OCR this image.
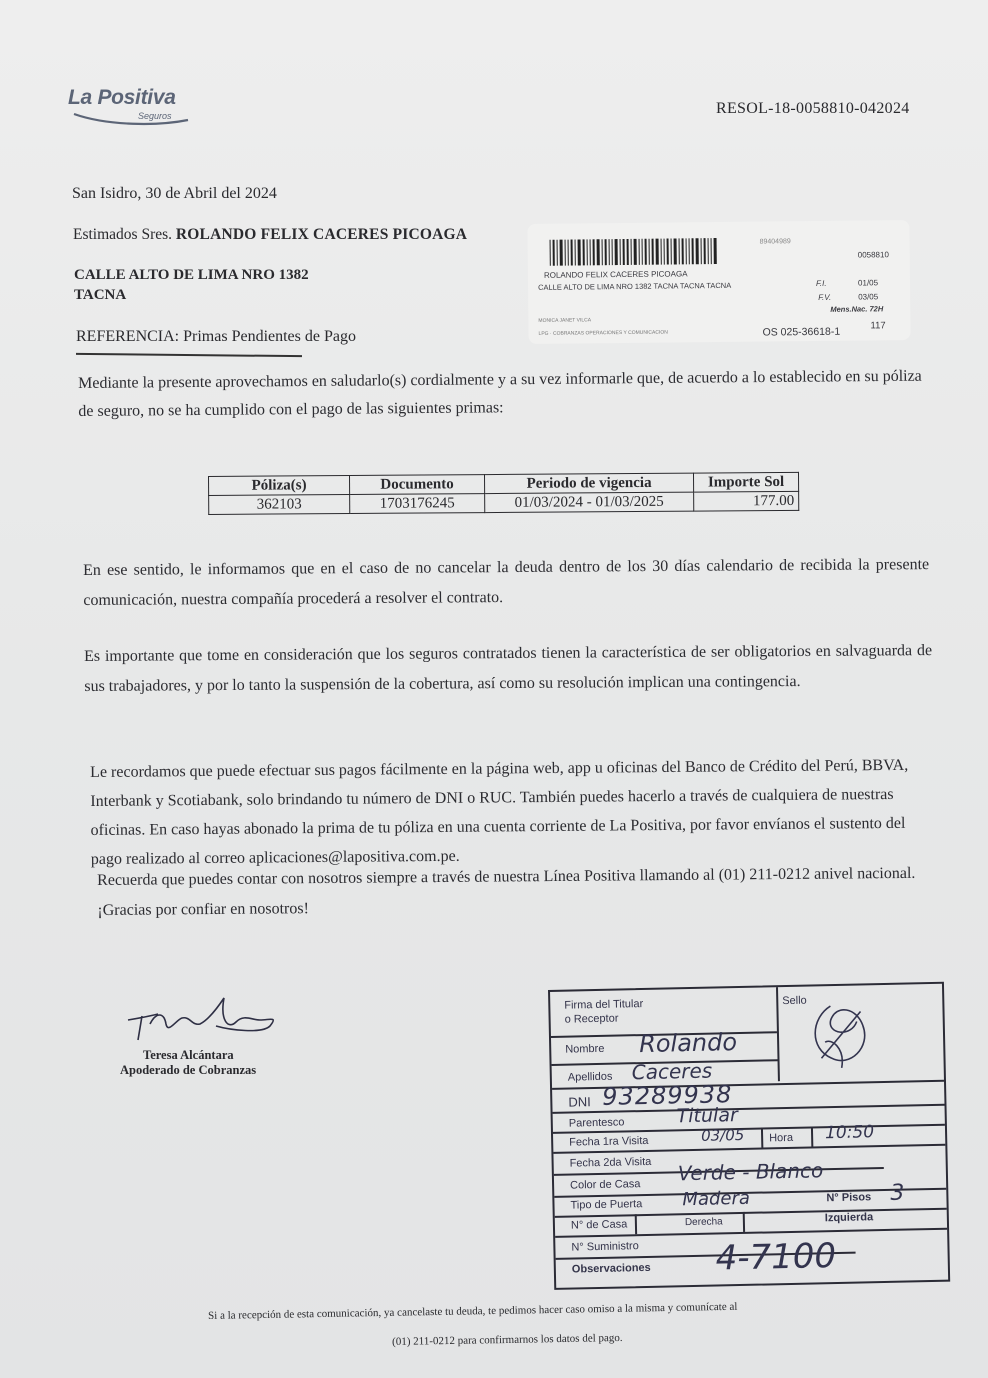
La Positiva
Seguros	RESOL-18-0058810-042024
San Isidro, 30 de Abril del 2024
Estimados Sres. ROLANDO FELIX CACERES PICOAGA
CALLE ALTO DE LIMA NRO 1382
TACNA
REFERENCIA: Primas Pendientes de Pago
89404989
0058810
ROLANDO FELIX CACERES PICOAGA
CALLE ALTO DE LIMA NRO 1382 TACNA TACNA TACNA	F.I.	01/05
F.V.	03/05
Mens.Nac. 72H
MONICA JANET VILCA
LPG · COBRANZAS OPERACIONES Y COMUNICACION	OS 025-36618-1	117
Mediante la presente aprovechamos en saludarlo(s) cordialmente y a su vez informarle que, de acuerdo a lo establecido en su póliza de seguro, no se ha cumplido con el pago de las siguientes primas:
Póliza(s)	Documento	Periodo de vigencia	Importe Sol
362103	1703176245	01/03/2024 - 01/03/2025	177.00
En ese sentido, le informamos que en el caso de no cancelar la deuda dentro de los 30 días calendario de recibida la presente comunicación, nuestra compañía procederá a resolver el contrato.
Es importante que tome en consideración que los seguros contratados tienen la característica de ser obligatorios en salvaguarda de sus trabajadores, y por lo tanto la suspensión de la cobertura, así como su resolución implican una contingencia.
Le recordamos que puede efectuar sus pagos fácilmente en la página web, app u oficinas del Banco de Crédito del Perú, BBVA, Interbank y Scotiabank, solo brindando tu número de DNI o RUC. También puedes hacerlo a través de cualquiera de nuestras oficinas. En caso hayas abonado la prima de tu póliza en una cuenta corriente de La Positiva, por favor envíanos el sustento del pago realizado al correo aplicaciones@lapositiva.com.pe.
Recuerda que puedes contar con nosotros siempre a través de nuestra Línea Positiva llamando al (01) 211-0212 anivel nacional. ¡Gracias por confiar en nosotros!
Teresa Alcántara
Apoderado de Cobranzas
Firma del Titular
o Receptor
Sello
Nombre Rolando
Apellidos Caceres
DNI 93289938
Parentesco	Titular
Fecha 1ra Visita	03/05 Hora 10:50
Fecha 2da Visita
Color de Casa Verde - Blanco
Tipo de Puerta Madera	N° Pisos 3
N° de Casa	Derecha	Izquierda
N° Suministro
Observaciones 4-7100
Si a la recepción de esta comunicación, ya cancelaste tu deuda, te pedimos hacer caso omiso a la misma y comunícate al
(01) 211-0212 para confirmarnos los datos del pago.
